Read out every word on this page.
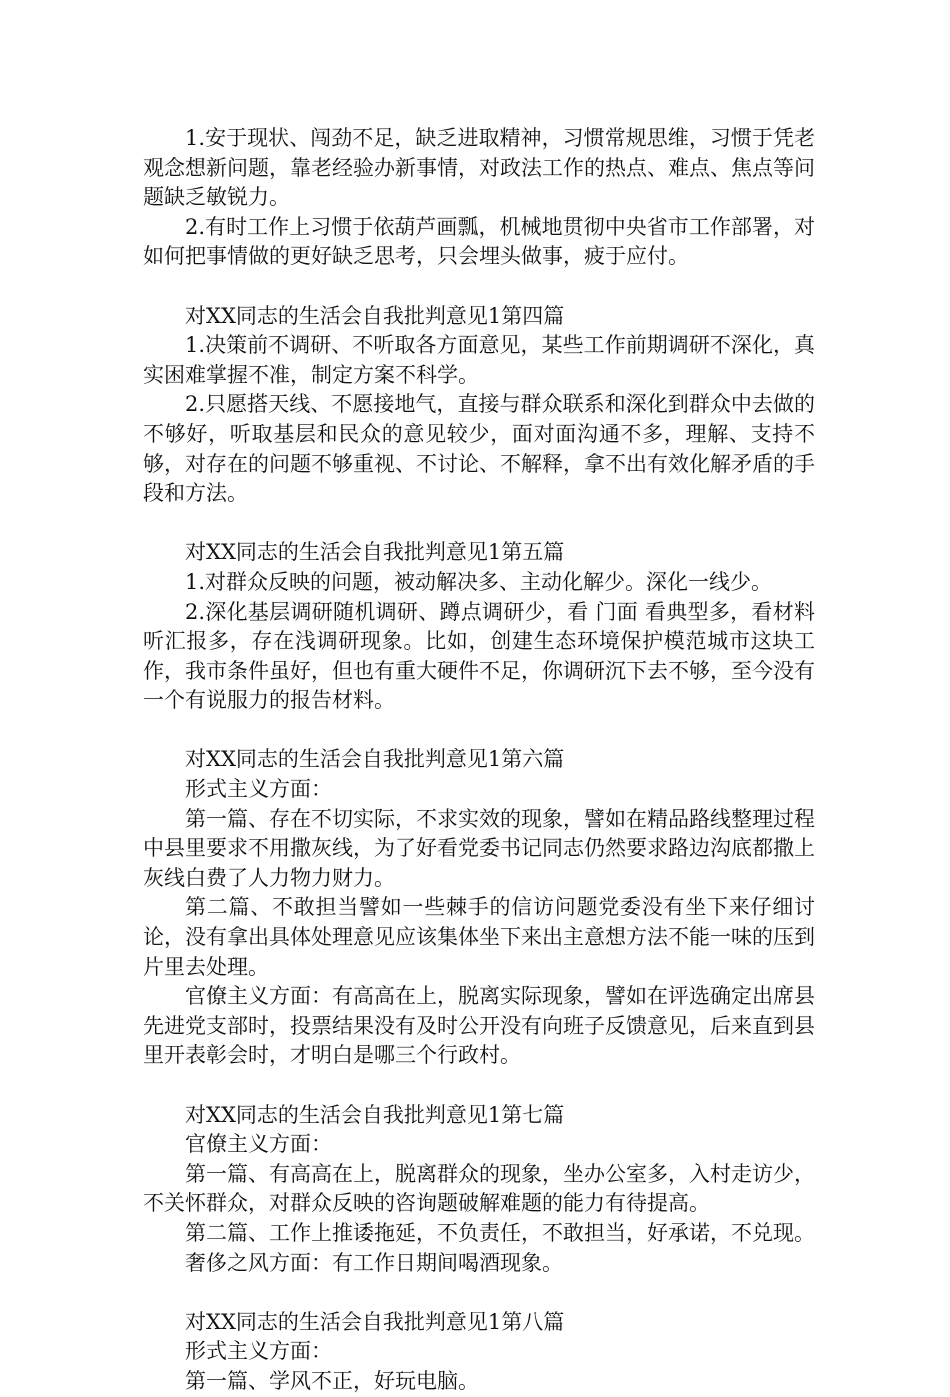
1.安于现状、闯劲不足，缺乏进取精神，习惯常规思维，习惯于凭老观念想新问题，靠老经验办新事情，对政法工作的热点、难点、焦点等问题缺乏敏锐力。

2.有时工作上习惯于依葫芦画瓢，机械地贯彻中央省市工作部署，对如何把事情做的更好缺乏思考，只会埋头做事，疲于应付。

对XX同志的生活会自我批判意见1第四篇

1.决策前不调研、不听取各方面意见，某些工作前期调研不深化，真实困难掌握不准，制定方案不科学。

2.只愿搭天线、不愿接地气，直接与群众联系和深化到群众中去做的不够好，听取基层和民众的意见较少，面对面沟通不多，理解、支持不够，对存在的问题不够重视、不讨论、不解释，拿不出有效化解矛盾的手段和方法。

对XX同志的生活会自我批判意见1第五篇

1.对群众反映的问题，被动解决多、主动化解少。深化一线少。

2.深化基层调研随机调研、蹲点调研少，看 门面 看典型多，看材料听汇报多，存在浅调研现象。比如，创建生态环境保护模范城市这块工作，我市条件虽好，但也有重大硬件不足，你调研沉下去不够，至今没有一个有说服力的报告材料。

对XX同志的生活会自我批判意见1第六篇

形式主义方面：

第一篇、存在不切实际，不求实效的现象，譬如在精品路线整理过程中县里要求不用撒灰线，为了好看党委书记同志仍然要求路边沟底都撒上灰线白费了人力物力财力。

第二篇、不敢担当譬如一些棘手的信访问题党委没有坐下来仔细讨论，没有拿出具体处理意见应该集体坐下来出主意想方法不能一味的压到片里去处理。

官僚主义方面：有高高在上，脱离实际现象，譬如在评选确定出席县先进党支部时，投票结果没有及时公开没有向班子反馈意见，后来直到县里开表彰会时，才明白是哪三个行政村。

对XX同志的生活会自我批判意见1第七篇

官僚主义方面：

第一篇、有高高在上，脱离群众的现象，坐办公室多，入村走访少，不关怀群众，对群众反映的咨询题破解难题的能力有待提高。

第二篇、工作上推诿拖延，不负责任，不敢担当，好承诺，不兑现。

奢侈之风方面：有工作日期间喝酒现象。

对XX同志的生活会自我批判意见1第八篇

形式主义方面：

第一篇、学风不正，好玩电脑。
